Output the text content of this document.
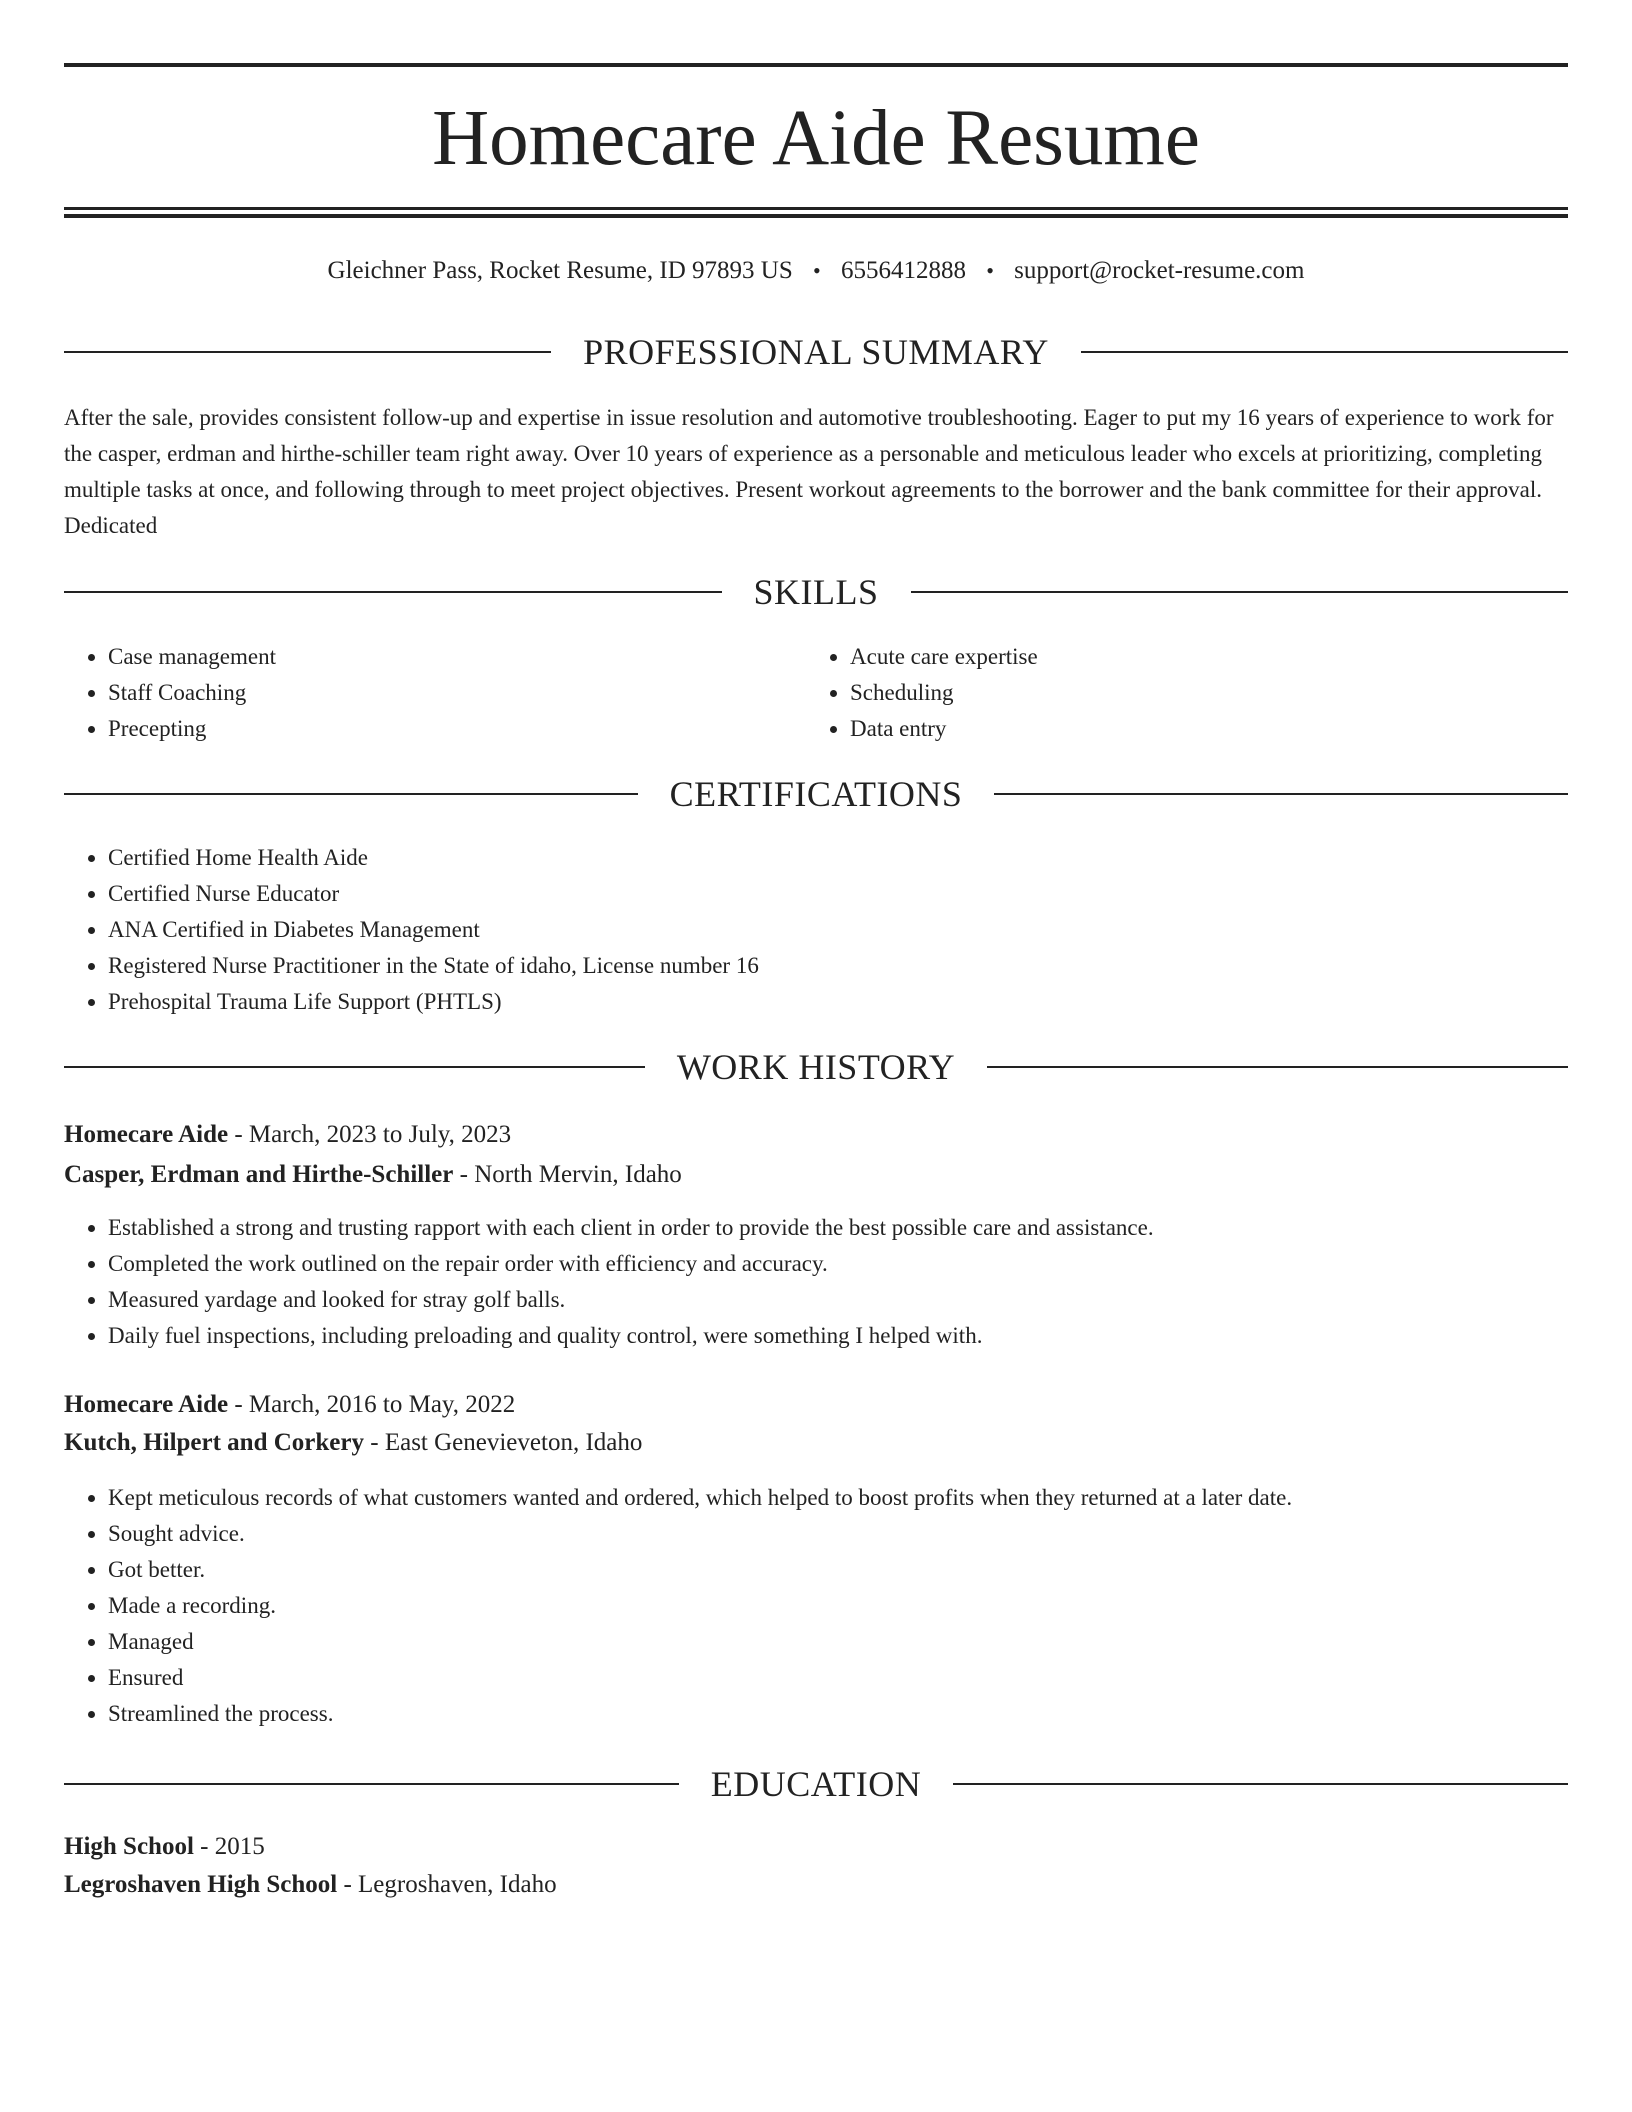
Homecare Aide Resume
Gleichner Pass, Rocket Resume, ID 97893 US • 6556412888 • support@rocket-resume.com
PROFESSIONAL SUMMARY

After the sale, provides consistent follow-up and expertise in issue resolution and automotive troubleshooting. Eager to put my 16 years of experience to work for the casper, erdman and hirthe-schiller team right away. Over 10 years of experience as a personable and meticulous leader who excels at prioritizing, completing multiple tasks at once, and following through to meet project objectives. Present workout agreements to the borrower and the bank committee for their approval. Dedicated

SKILLS
• Case management
• Staff Coaching
• Precepting
• Acute care expertise
• Scheduling
• Data entry
CERTIFICATIONS
• Certified Home Health Aide
• Certified Nurse Educator
• ANA Certified in Diabetes Management
• Registered Nurse Practitioner in the State of idaho, License number 16
• Prehospital Trauma Life Support (PHTLS)
WORK HISTORY

Homecare Aide - March, 2023 to July, 2023

Casper, Erdman and Hirthe-Schiller - North Mervin, Idaho

• Established a strong and trusting rapport with each client in order to provide the best possible care and assistance.
• Completed the work outlined on the repair order with efficiency and accuracy.
• Measured yardage and looked for stray golf balls.
• Daily fuel inspections, including preloading and quality control, were something I helped with.

Homecare Aide - March, 2016 to May, 2022

Kutch, Hilpert and Corkery - East Genevieveton, Idaho

• Kept meticulous records of what customers wanted and ordered, which helped to boost profits when they returned at a later date.
• Sought advice.
• Got better.
• Made a recording.
• Managed
• Ensured
• Streamlined the process.
EDUCATION

High School - 2015

Legroshaven High School - Legroshaven, Idaho
